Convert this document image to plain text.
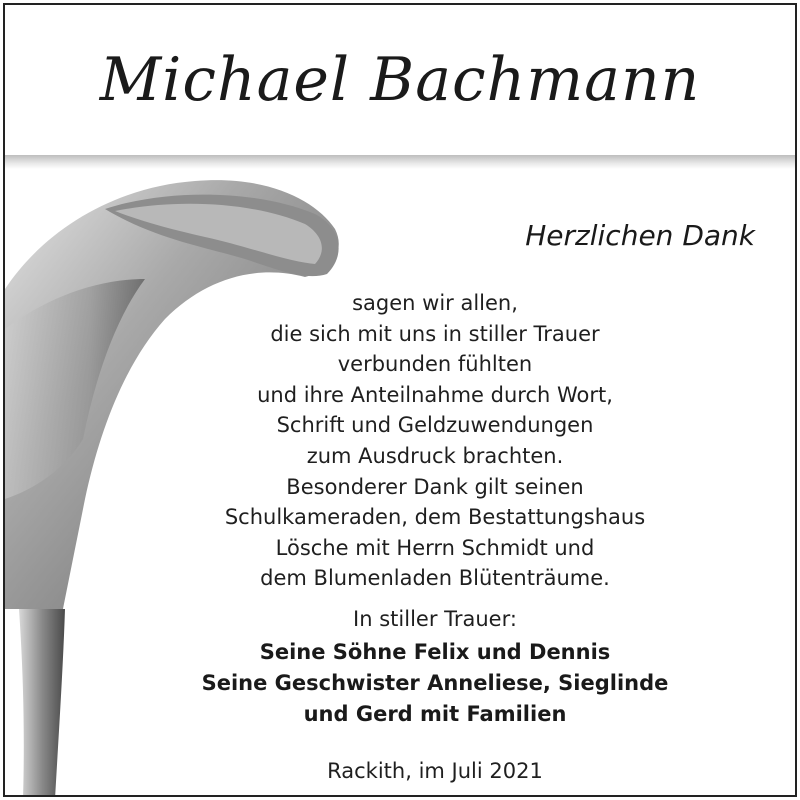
Michael Bachmann
Herzlichen Dank
sagen wir allen,
die sich mit uns in stiller Trauer
verbunden fühlten
und ihre Anteilnahme durch Wort,
Schrift und Geldzuwendungen
zum Ausdruck brachten.
Besonderer Dank gilt seinen
Schulkameraden, dem Bestattungshaus
Lösche mit Herrn Schmidt und
dem Blumenladen Blütenträume.
In stiller Trauer:
Seine Söhne Felix und Dennis
Seine Geschwister Anneliese, Sieglinde
und Gerd mit Familien
Rackith, im Juli 2021
